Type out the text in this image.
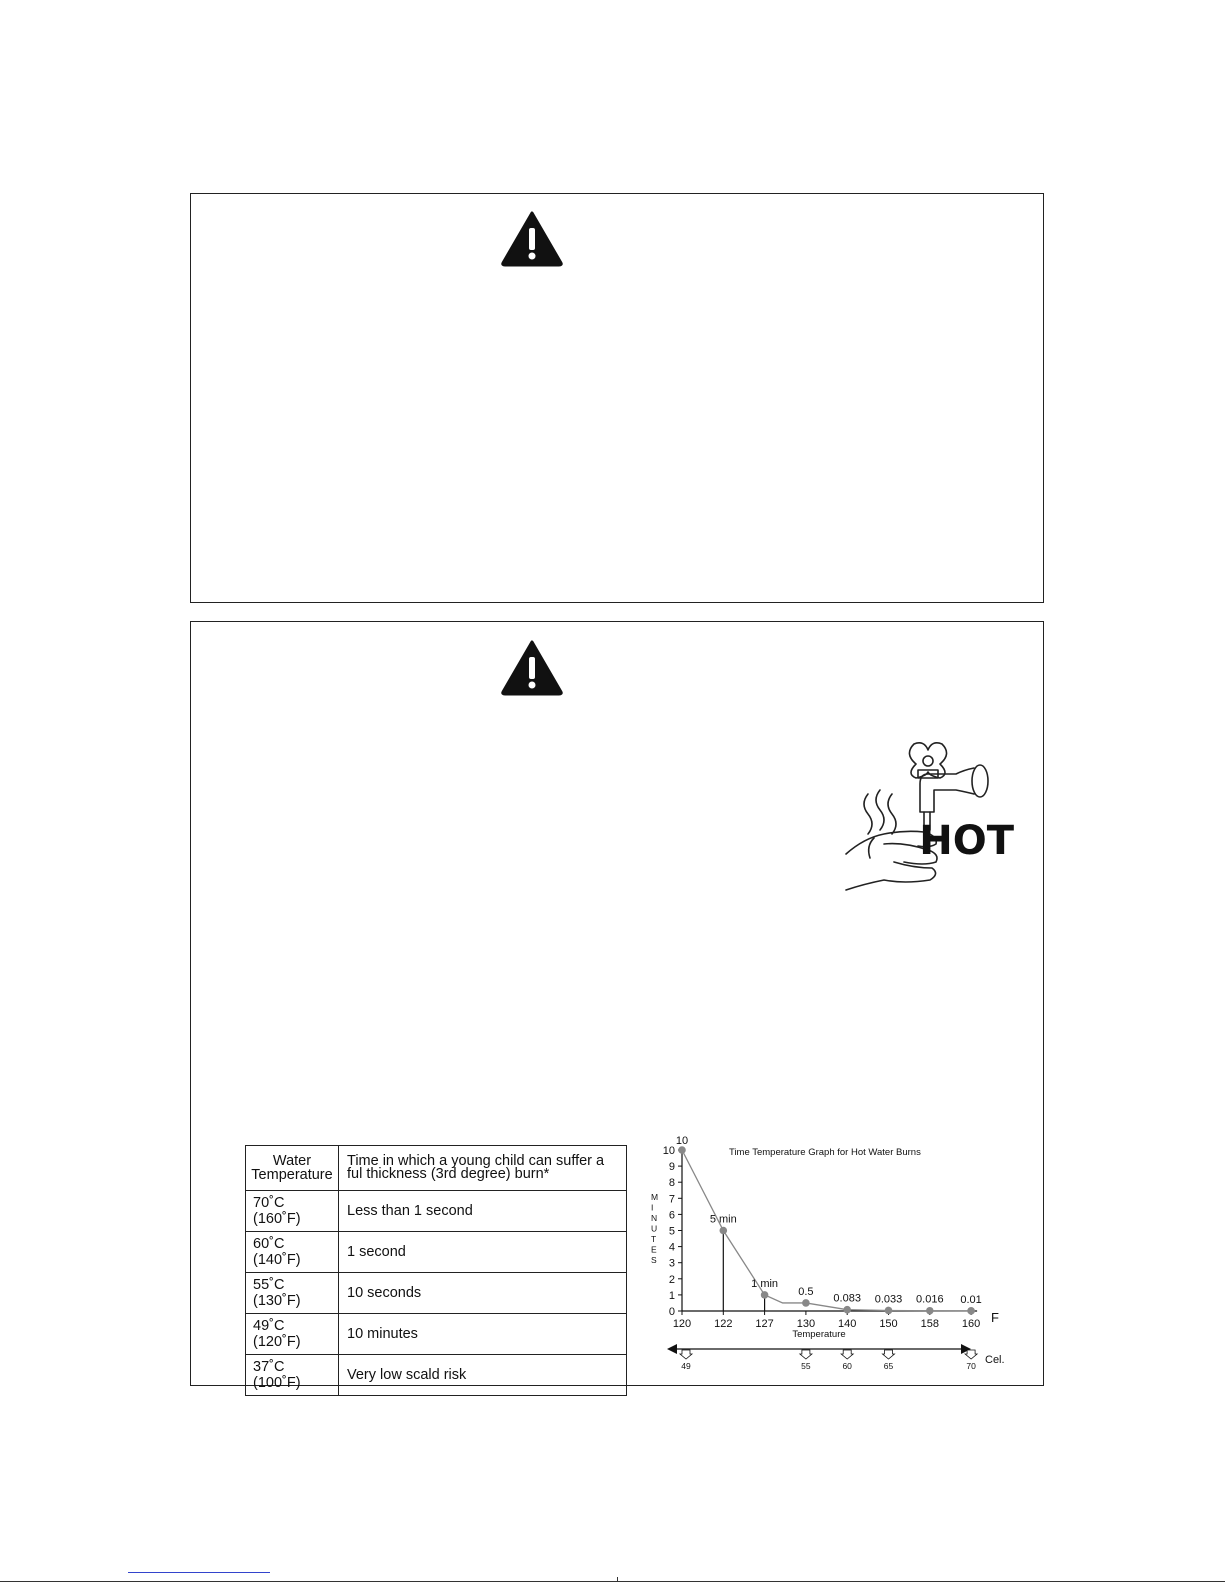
HOT
Water Temperature	Time in which a young child can suffer a ful thickness (3rd degree) burn*
70˚C (160˚F)	Less than 1 second
60˚C (140˚F)	1 second
55˚C (130˚F)	10 seconds
49˚C (120˚F)	10 minutes
37˚C (100˚F)	Very low scald risk
Time Temperature Graph for Hot Water Burns
M
I
N
U
T
E
S
Temperature
F
Cel.
0
1
2
3
4
5
6
7
8
9
10
120 122 127 130 140 150 158 160
49	55	60	65	70
10
5 min
1 min
0.5
0.083 0.033 0.016 0.01
